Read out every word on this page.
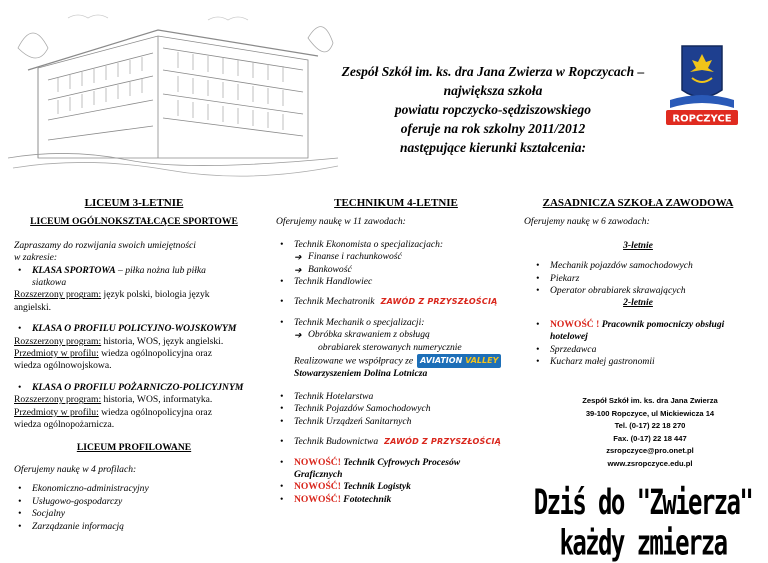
Zespół Szkół im. ks. dra Jana Zwierza w Ropczycach –
największa szkoła
powiatu ropczycko-sędziszowskiego
oferuje na rok szkolny 2011/2012
następujące kierunki kształcenia:
ROPCZYCE
LICEUM 3-LETNIE
LICEUM OGÓLNOKSZTAŁCĄCE SPORTOWE
Zapraszamy do rozwijania swoich umiejętności
w zakresie:
• KLASA SPORTOWA – piłka nożna lub piłka
siatkowa
Rozszerzony program: język polski, biologia język
angielski.
• KLASA O PROFILU POLICYJNO-WOJSKOWYM
Rozszerzony program: historia, WOS, język angielski.
Przedmioty w profilu: wiedza ogólnopolicyjna oraz
wiedza ogólnowojskowa.
• KLASA O PROFILU POŻARNICZO-POLICYJNYM
Rozszerzony program: historia, WOS, informatyka.
Przedmioty w profilu: wiedza ogólnopolicyjna oraz
wiedza ogólnopożarnicza.
LICEUM PROFILOWANE
Oferujemy naukę w 4 profilach:
• Ekonomiczno-administracyjny
• Usługowo-gospodarczy
• Socjalny
• Zarządzanie informacją
TECHNIKUM 4-LETNIE
Oferujemy naukę w 11 zawodach:
• Technik Ekonomista o specjalizacjach:
➔ Finanse i rachunkowość
➔ Bankowość
• Technik Handlowiec
• Technik Mechatronik ZAWÓD Z PRZYSZŁOŚCIĄ
• Technik Mechanik o specjalizacji:
➔ Obróbka skrawaniem z obsługą
obrabiarek sterowanych numerycznie
Realizowane we współpracy ze AVIATION VALLEY
Stowarzyszeniem Dolina Lotnicza
• Technik Hotelarstwa
• Technik Pojazdów Samochodowych
• Technik Urządzeń Sanitarnych
• Technik Budownictwa ZAWÓD Z PRZYSZŁOŚCIĄ
• NOWOŚĆ! Technik Cyfrowych Procesów
Graficznych
• NOWOŚĆ! Technik Logistyk
• NOWOŚĆ! Fototechnik
ZASADNICZA SZKOŁA ZAWODOWA
Oferujemy naukę w 6 zawodach:
3-letnie
• Mechanik pojazdów samochodowych
• Piekarz
• Operator obrabiarek skrawających
2-letnie
• NOWOŚĆ ! Pracownik pomocniczy obsługi
hotelowej
• Sprzedawca
• Kucharz małej gastronomii
Zespół Szkół im. ks. dra Jana Zwierza
39-100 Ropczyce, ul Mickiewicza 14
Tel. (0-17) 22 18 270
Fax. (0-17) 22 18 447
zsropczyce@pro.onet.pl
www.zsropczyce.edu.pl
Dziś do "Zwierza" każdy zmierza
